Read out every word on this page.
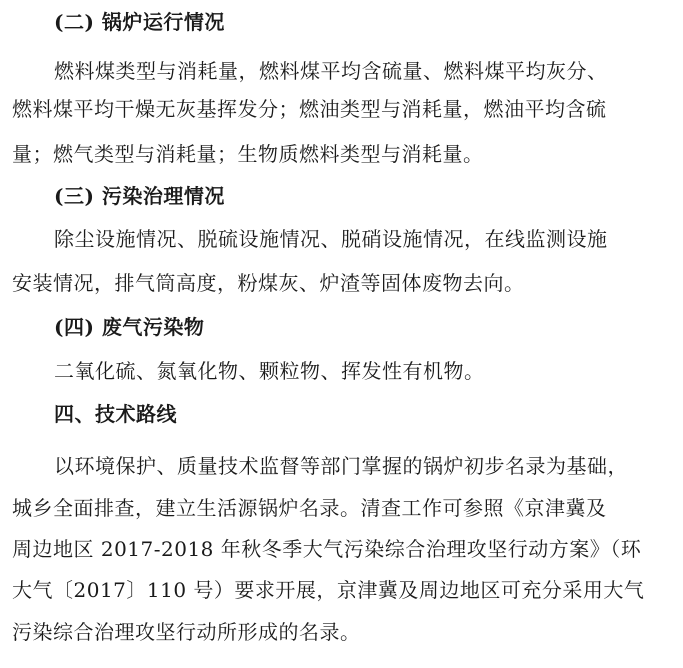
(二) 锅炉运行情况
燃料煤类型与消耗量，燃料煤平均含硫量、燃料煤平均灰分、
燃料煤平均干燥无灰基挥发分；燃油类型与消耗量，燃油平均含硫
量；燃气类型与消耗量；生物质燃料类型与消耗量。
(三) 污染治理情况
除尘设施情况、脱硫设施情况、脱硝设施情况，在线监测设施
安装情况，排气筒高度，粉煤灰、炉渣等固体废物去向。
(四) 废气污染物
二氧化硫、氮氧化物、颗粒物、挥发性有机物。
四、技术路线
以环境保护、质量技术监督等部门掌握的锅炉初步名录为基础，
城乡全面排查，建立生活源锅炉名录。清查工作可参照《京津冀及
周边地区 2017-2018 年秋冬季大气污染综合治理攻坚行动方案》（环
大气〔2017〕110 号）要求开展，京津冀及周边地区可充分采用大气
污染综合治理攻坚行动所形成的名录。
